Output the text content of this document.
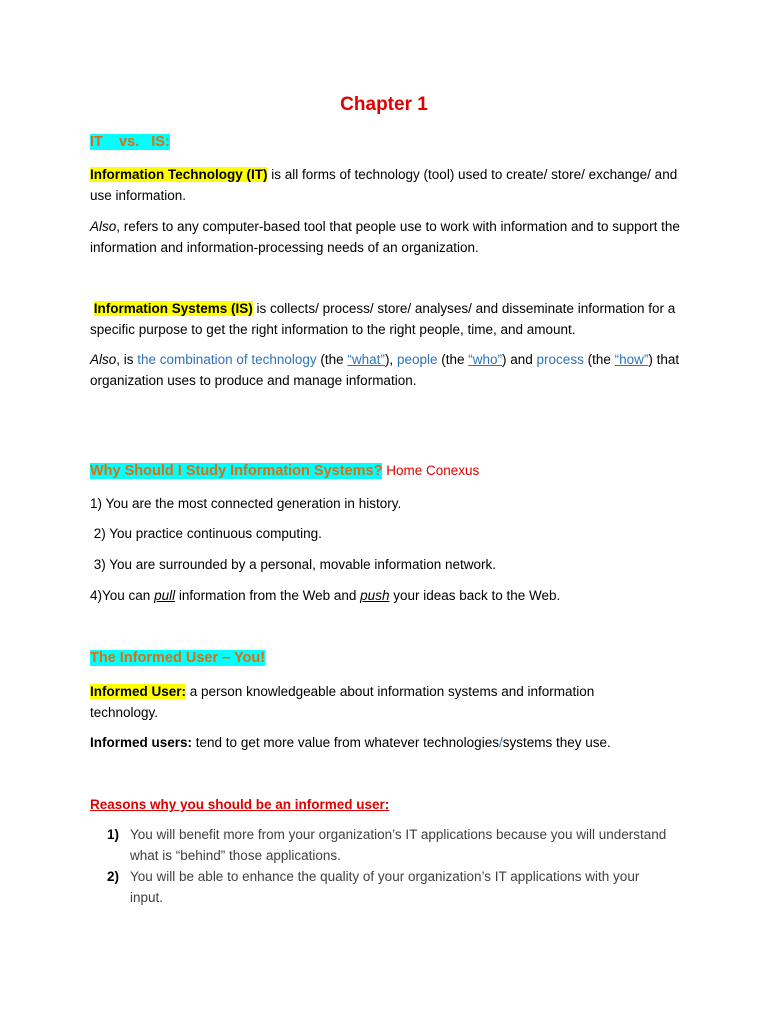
Chapter 1

IT    vs.   IS:

Information Technology (IT) is all forms of technology (tool) used to create/ store/ exchange/ and use information.

Also, refers to any computer-based tool that people use to work with information and to support the information and information-processing needs of an organization.

Information Systems (IS) is collects/ process/ store/ analyses/ and disseminate information for a specific purpose to get the right information to the right people, time, and amount.

Also, is the combination of technology (the “what”), people (the “who”) and process (the “how”) that organization uses to produce and manage information.

Why Should I Study Information Systems? Home Conexus

1) You are the most connected generation in history.

2) You practice continuous computing.

3) You are surrounded by a personal, movable information network.

4)You can pull information from the Web and push your ideas back to the Web.

The Informed User – You!

Informed User: a person knowledgeable about information systems and information technology.

Informed users: tend to get more value from whatever technologies/systems they use.

Reasons why you should be an informed user:

1) You will benefit more from your organization’s IT applications because you will understand what is “behind” those applications.
2) You will be able to enhance the quality of your organization’s IT applications with your input.
